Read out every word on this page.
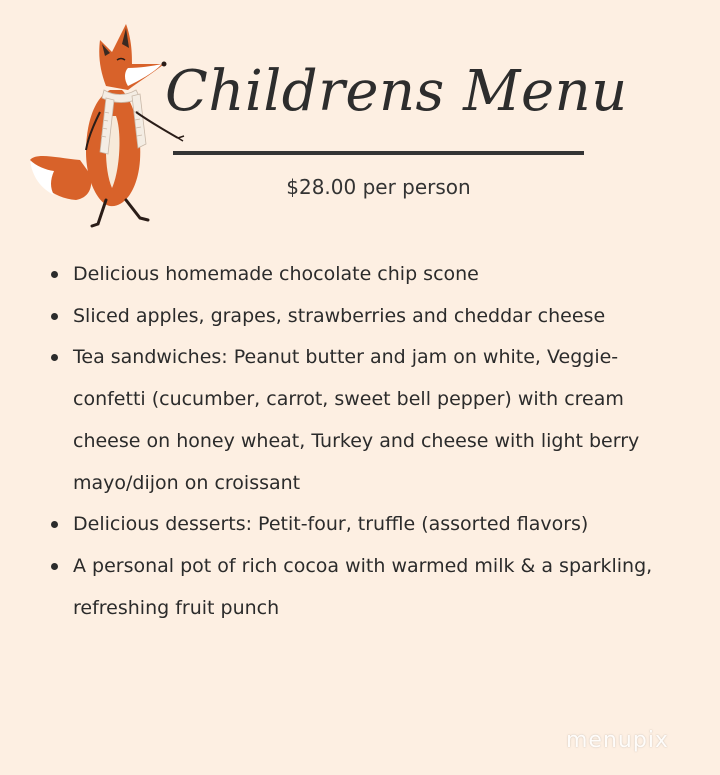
Childrens Menu
$28.00 per person
Delicious homemade chocolate chip scone
Sliced apples, grapes, strawberries and cheddar cheese
Tea sandwiches: Peanut butter and jam on white, Veggie-confetti (cucumber, carrot, sweet bell pepper) with cream cheese on honey wheat, Turkey and cheese with light berry mayo/dijon on croissant
Delicious desserts: Petit-four, truffle (assorted flavors)
A personal pot of rich cocoa with warmed milk & a sparkling, refreshing fruit punch
menupix
